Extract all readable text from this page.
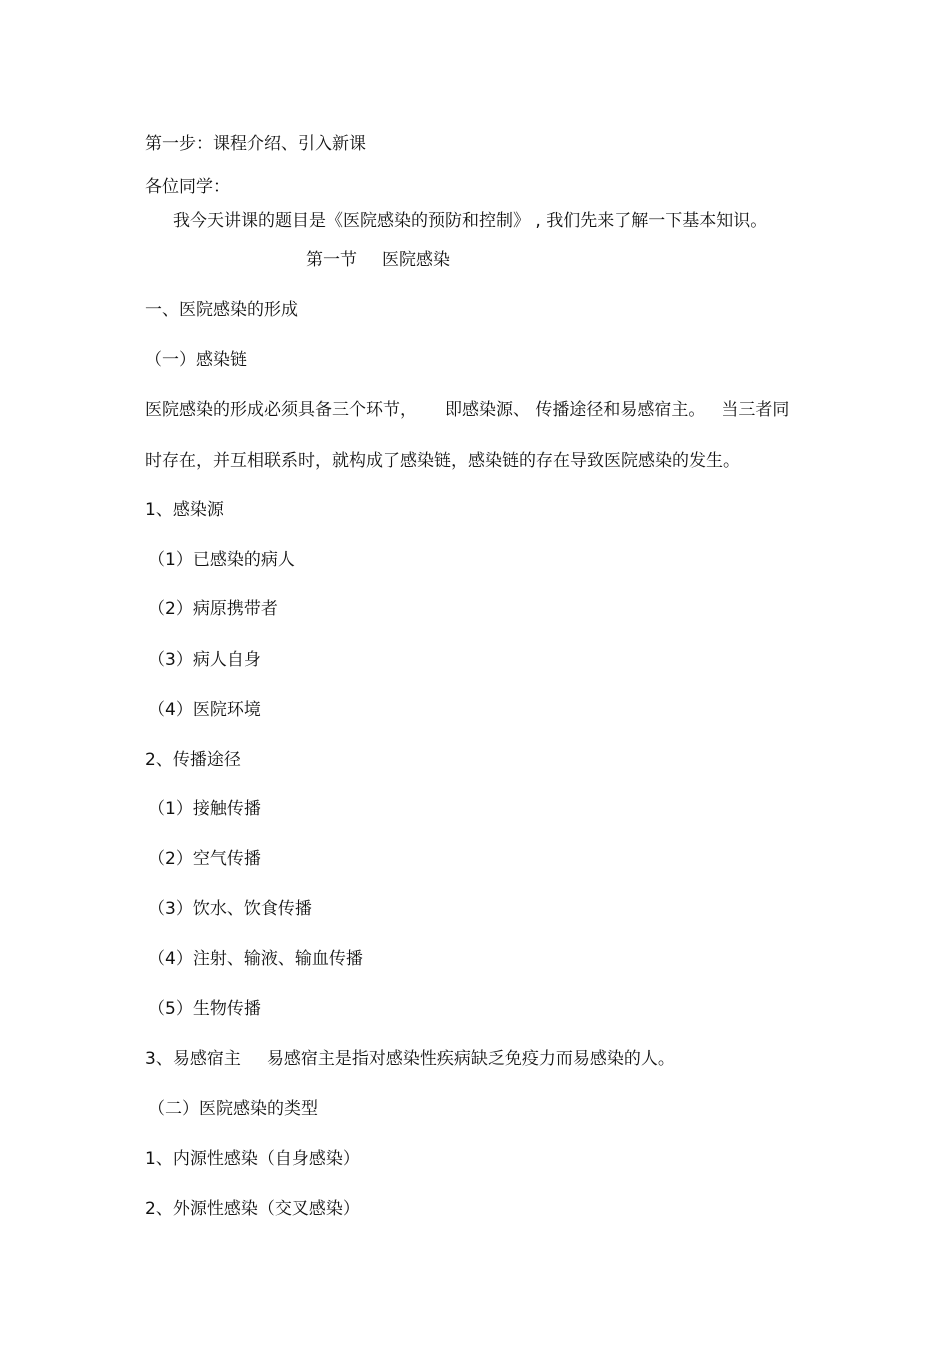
第一步：课程介绍、引入新课
各位同学：
我今天讲课的题目是《医院感染的预防和控制》 , 我们先来了解一下基本知识。
第一节 医院感染
一、医院感染的形成
（一）感染链
医院感染的形成必须具备三个环节， 即感染源、 传播途径和易感宿主。 当三者同
时存在，并互相联系时，就构成了感染链，感染链的存在导致医院感染的发生。
1、感染源
（1）已感染的病人
（2）病原携带者
（3）病人自身
（4）医院环境
2、传播途径
（1）接触传播
（2）空气传播
（3）饮水、饮食传播
（4）注射、输液、输血传播
（5）生物传播
3、易感宿主 易感宿主是指对感染性疾病缺乏免疫力而易感染的人。
（二）医院感染的类型
1、内源性感染（自身感染）
2、外源性感染（交叉感染）
